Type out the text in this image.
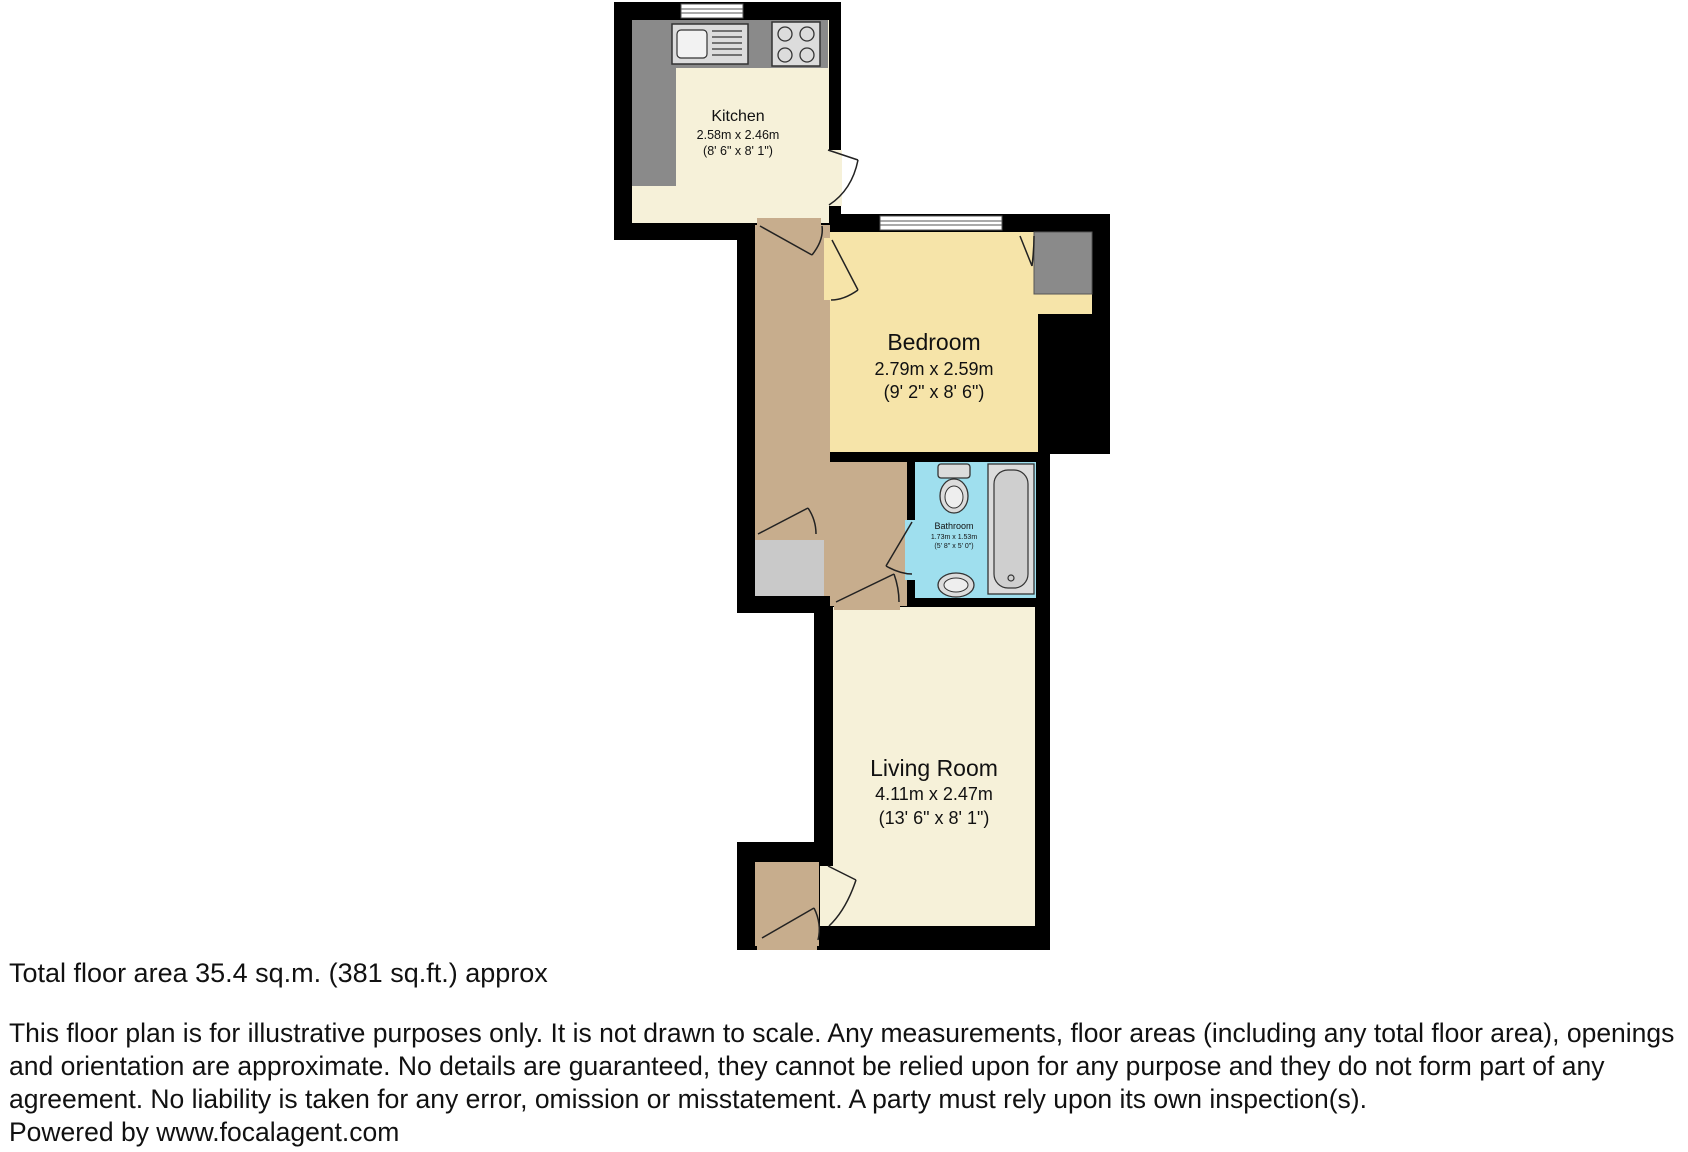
Kitchen
2.58m x 2.46m
(8' 6" x 8' 1")
Bedroom
2.79m x 2.59m
(9' 2" x 8' 6")
Bathroom
1.73m x 1.53m
(5' 8" x 5' 0")
Living Room
4.11m x 2.47m
(13' 6" x 8' 1")
Total floor area 35.4 sq.m. (381 sq.ft.) approx

This floor plan is for illustrative purposes only. It is not drawn to scale. Any measurements, floor areas (including any total floor area), openings and orientation are approximate. No details are guaranteed, they cannot be relied upon for any purpose and they do not form part of any agreement. No liability is taken for any error, omission or misstatement. A party must rely upon its own inspection(s).

Powered by www.focalagent.com
